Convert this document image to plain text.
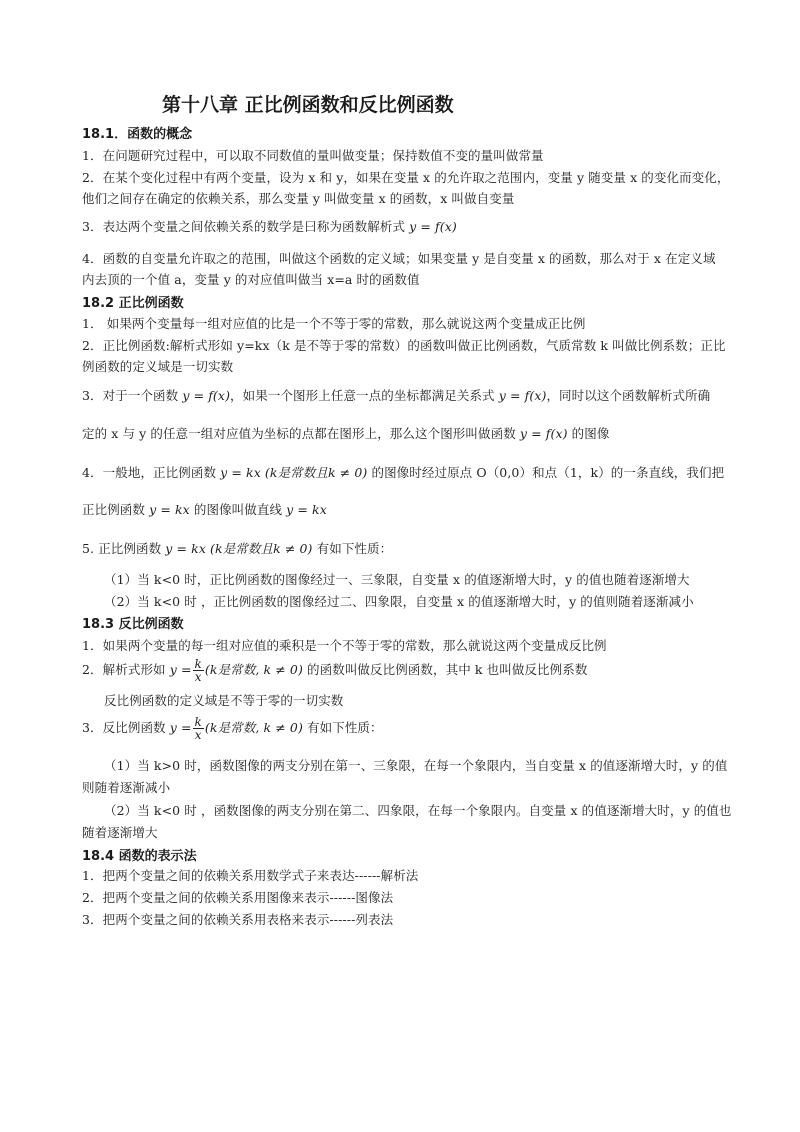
第十八章 正比例函数和反比例函数
18.1．函数的概念
1．在问题研究过程中，可以取不同数值的量叫做变量；保持数值不变的量叫做常量
2．在某个变化过程中有两个变量，设为 x 和 y，如果在变量 x 的允许取之范围内，变量 y 随变量 x 的变化而变化，
他们之间存在确定的依赖关系，那么变量 y 叫做变量 x 的函数，x 叫做自变量
3．表达两个变量之间依赖关系的数学是曰称为函数解析式 y = f(x)
4．函数的自变量允许取之的范围，叫做这个函数的定义域；如果变量 y 是自变量 x 的函数，那么对于 x 在定义域
内去顶的一个值 a，变量 y 的对应值叫做当 x=a 时的函数值
18.2 正比例函数
1． 如果两个变量每一组对应值的比是一个不等于零的常数，那么就说这两个变量成正比例
2．正比例函数:解析式形如 y=kx（k 是不等于零的常数）的函数叫做正比例函数，气质常数 k 叫做比例系数；正比
例函数的定义域是一切实数
3．对于一个函数 y = f(x)，如果一个图形上任意一点的坐标都满足关系式 y = f(x)，同时以这个函数解析式所确
定的 x 与 y 的任意一组对应值为坐标的点都在图形上，那么这个图形叫做函数 y = f(x) 的图像
4．一般地，正比例函数 y = kx (k是常数且k ≠ 0) 的图像时经过原点 O（0,0）和点（1，k）的一条直线，我们把
正比例函数 y = kx 的图像叫做直线 y = kx
5. 正比例函数 y = kx (k是常数且k ≠ 0) 有如下性质：
（1）当 k<0 时，正比例函数的图像经过一、三象限，自变量 x 的值逐渐增大时，y 的值也随着逐渐增大
（2）当 k<0 时 ，正比例函数的图像经过二、四象限，自变量 x 的值逐渐增大时，y 的值则随着逐渐减小
18.3 反比例函数
1．如果两个变量的每一组对应值的乘积是一个不等于零的常数，那么就说这两个变量成反比例
2．解析式形如 $y = \frac{k}{x} (k$是常数, k ≠ 0) 的函数叫做反比例函数，其中 k 也叫做反比例系数
反比例函数的定义域是不等于零的一切实数
3．反比例函数 $y = \frac{k}{x} (k$是常数, k ≠ 0) 有如下性质：
（1）当 k>0 时，函数图像的两支分别在第一、三象限，在每一个象限内，当自变量 x 的值逐渐增大时，y 的值
则随着逐渐减小
（2）当 k<0 时 ，函数图像的两支分别在第二、四象限，在每一个象限内。自变量 x 的值逐渐增大时，y 的值也
随着逐渐增大
18.4 函数的表示法
1．把两个变量之间的依赖关系用数学式子来表达------解析法
2．把两个变量之间的依赖关系用图像来表示------图像法
3．把两个变量之间的依赖关系用表格来表示------列表法
